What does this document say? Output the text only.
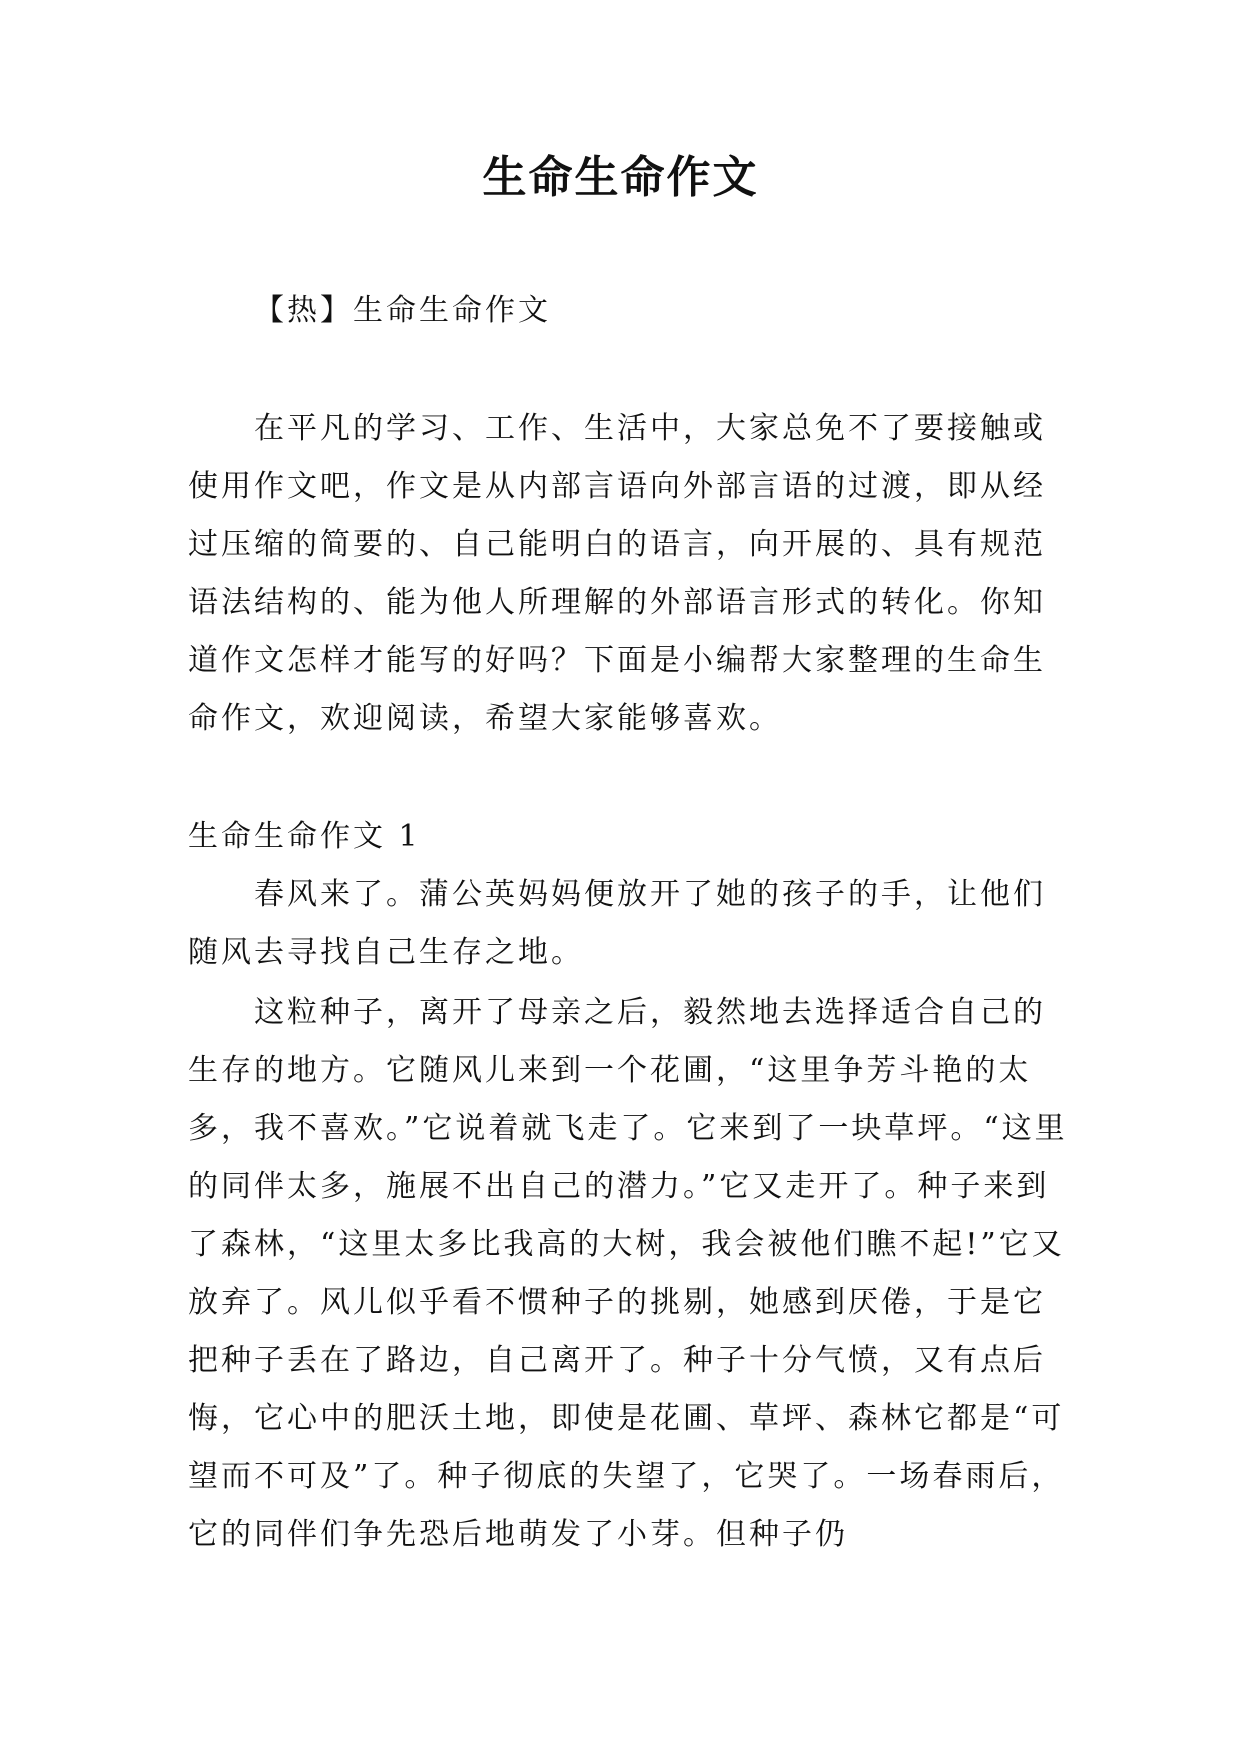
生命生命作文

【热】生命生命作文

在平凡的学习、工作、生活中，大家总免不了要接触或使用作文吧，作文是从内部言语向外部言语的过渡，即从经过压缩的简要的、自己能明白的语言，向开展的、具有规范语法结构的、能为他人所理解的外部语言形式的转化。你知道作文怎样才能写的好吗？下面是小编帮大家整理的生命生命作文，欢迎阅读，希望大家能够喜欢。

生命生命作文 1

春风来了。蒲公英妈妈便放开了她的孩子的手，让他们随风去寻找自己生存之地。

这粒种子，离开了母亲之后，毅然地去选择适合自己的生存的地方。它随风儿来到一个花圃，“这里争芳斗艳的太多，我不喜欢。”它说着就飞走了。它来到了一块草坪。“这里的同伴太多，施展不出自己的潜力。”它又走开了。种子来到了森林，“这里太多比我高的大树，我会被他们瞧不起!”它又放弃了。风儿似乎看不惯种子的挑剔，她感到厌倦，于是它把种子丢在了路边，自己离开了。种子十分气愤，又有点后悔，它心中的肥沃土地，即使是花圃、草坪、森林它都是“可望而不可及”了。种子彻底的失望了，它哭了。一场春雨后，它的同伴们争先恐后地萌发了小芽。但种子仍
